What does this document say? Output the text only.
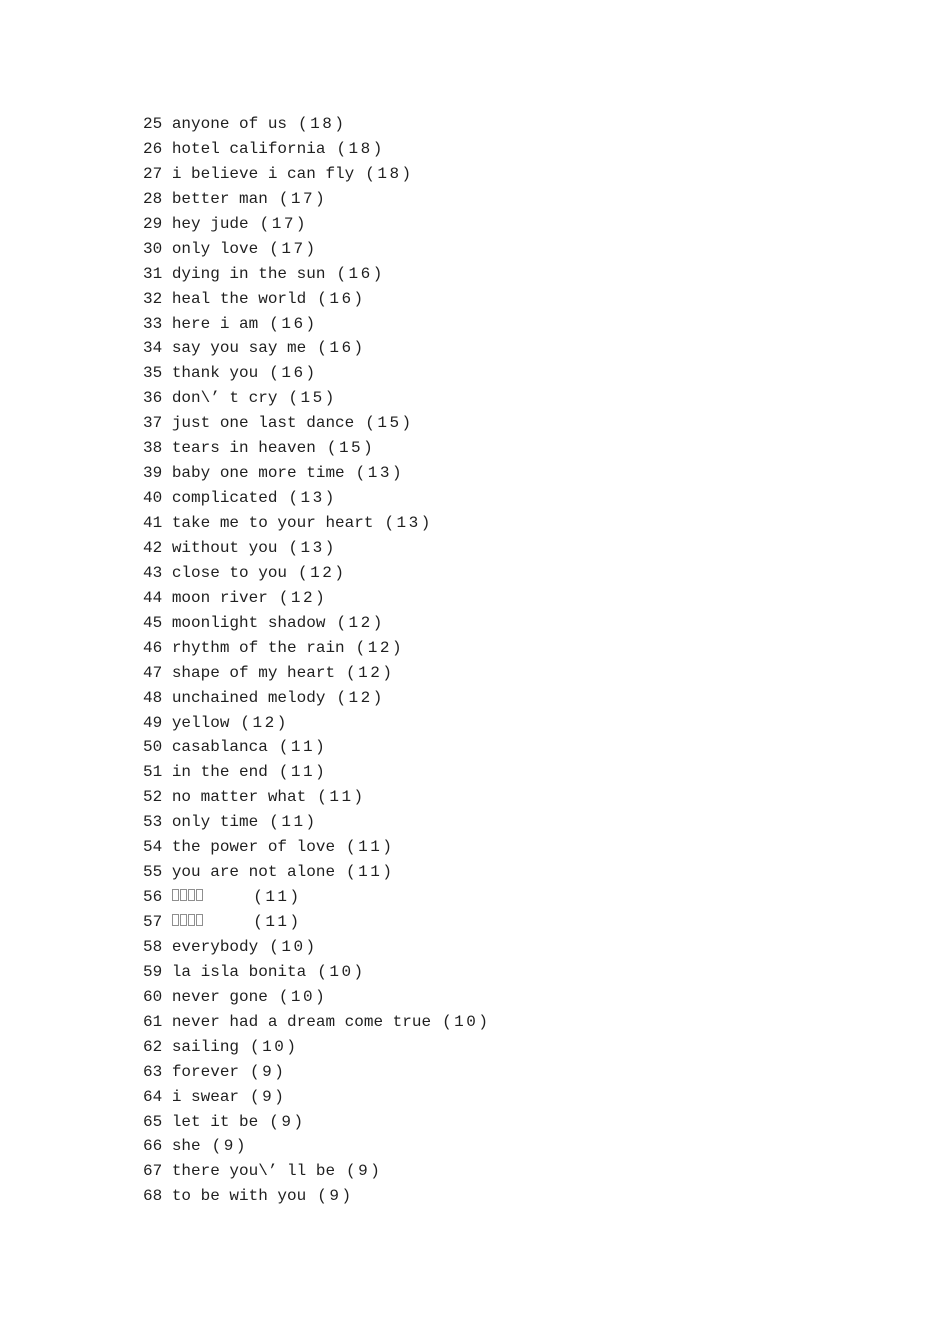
25 anyone of us (18)
26 hotel california (18)
27 i believe i can fly (18)
28 better man (17)
29 hey jude (17)
30 only love (17)
31 dying in the sun (16)
32 heal the world (16)
33 here i am (16)
34 say you say me (16)
35 thank you (16)
36 don\’ t cry (15)
37 just one last dance (15)
38 tears in heaven (15)
39 baby one more time (13)
40 complicated (13)
41 take me to your heart (13)
42 without you (13)
43 close to you (12)
44 moon river (12)
45 moonlight shadow (12)
46 rhythm of the rain (12)
47 shape of my heart (12)
48 unchained melody (12)
49 yellow (12)
50 casablanca (11)
51 in the end (11)
52 no matter what (11)
53 only time (11)
54 the power of love (11)
55 you are not alone (11)
56	(11)
57	(11)
58 everybody (10)
59 la isla bonita (10)
60 never gone (10)
61 never had a dream come true (10)
62 sailing (10)
63 forever (9)
64 i swear (9)
65 let it be (9)
66 she (9)
67 there you\’ ll be (9)
68 to be with you (9)
